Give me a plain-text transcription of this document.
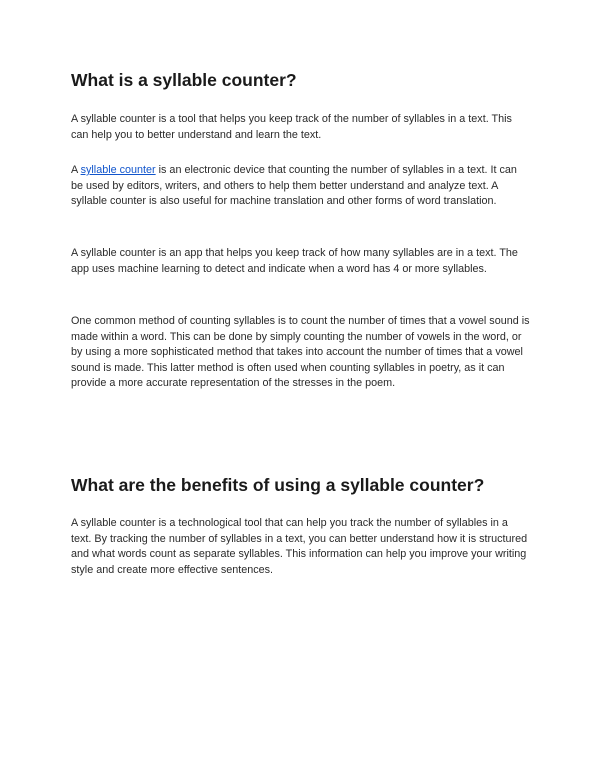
What is a syllable counter?

A syllable counter is a tool that helps you keep track of the number of syllables in a text. This can help you to better understand and learn the text.

A syllable counter is an electronic device that counting the number of syllables in a text. It can be used by editors, writers, and others to help them better understand and analyze text. A syllable counter is also useful for machine translation and other forms of word translation.

A syllable counter is an app that helps you keep track of how many syllables are in a text. The app uses machine learning to detect and indicate when a word has 4 or more syllables.

One common method of counting syllables is to count the number of times that a vowel sound is made within a word. This can be done by simply counting the number of vowels in the word, or by using a more sophisticated method that takes into account the number of times that a vowel sound is made. This latter method is often used when counting syllables in poetry, as it can provide a more accurate representation of the stresses in the poem.

What are the benefits of using a syllable counter?

A syllable counter is a technological tool that can help you track the number of syllables in a text. By tracking the number of syllables in a text, you can better understand how it is structured and what words count as separate syllables. This information can help you improve your writing style and create more effective sentences.
